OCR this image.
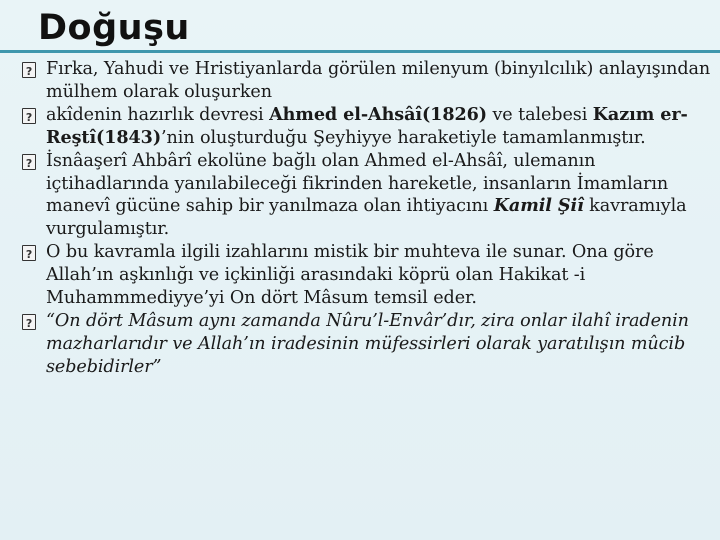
Doğuşu
?
Fırka, Yahudi ve Hristiyanlarda görülen milenyum (binyılcılık) anlayışından mülhem olarak oluşurken
?
akîdenin hazırlık devresi Ahmed el-Ahsâî(1826) ve talebesi Kazım er-Reştî(1843)’nin oluşturduğu Şeyhiyye haraketiyle tamamlanmıştır.
?
İsnâaşerî Ahbârî ekolüne bağlı olan Ahmed el-Ahsâî, ulemanın içtihadlarında yanılabileceği fikrinden hareketle, insanların İmamların manevî gücüne sahip bir yanılmaza olan ihtiyacını Kamil Şiî kavramıyla vurgulamıştır.
?
O bu kavramla ilgili izahlarını mistik bir muhteva ile sunar. Ona göre Allah’ın aşkınlığı ve içkinliği arasındaki köprü olan Hakikat -i Muhammmediyye’yi On dört Mâsum temsil eder.
?
“On dört Mâsum aynı zamanda Nûru’l-Envâr’dır, zira onlar ilahî iradenin mazharlarıdır ve Allah’ın iradesinin müfessirleri olarak yaratılışın mûcib sebebidirler”
